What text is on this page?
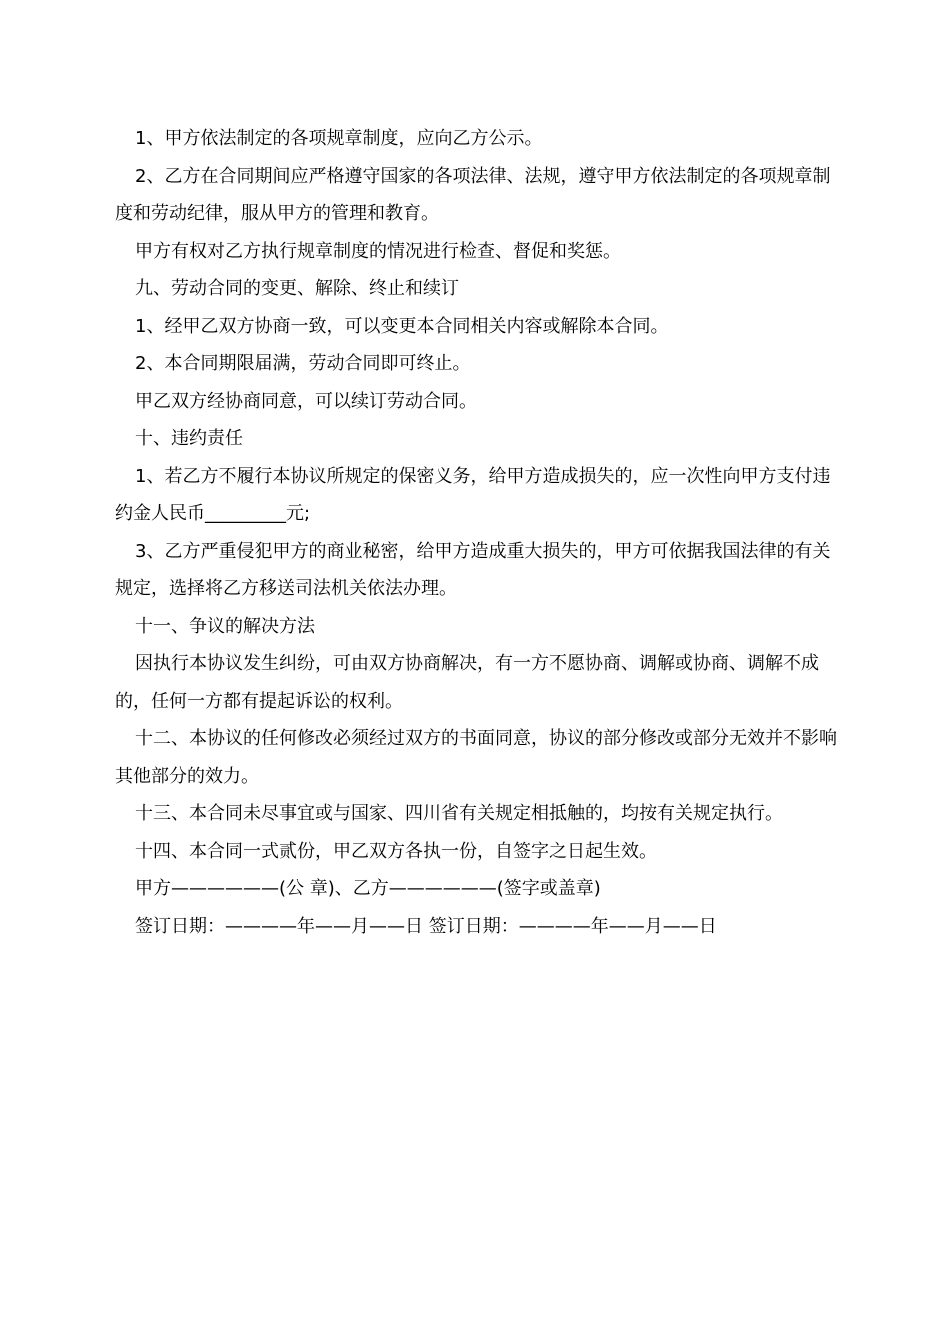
1、甲方依法制定的各项规章制度，应向乙方公示。

2、乙方在合同期间应严格遵守国家的各项法律、法规，遵守甲方依法制定的各项规章制度和劳动纪律，服从甲方的管理和教育。

甲方有权对乙方执行规章制度的情况进行检查、督促和奖惩。

九、劳动合同的变更、解除、终止和续订

1、经甲乙双方协商一致，可以变更本合同相关内容或解除本合同。

2、本合同期限届满，劳动合同即可终止。

甲乙双方经协商同意，可以续订劳动合同。

十、违约责任

1、若乙方不履行本协议所规定的保密义务，给甲方造成损失的，应一次性向甲方支付违约金人民币_________元;

3、乙方严重侵犯甲方的商业秘密，给甲方造成重大损失的，甲方可依据我国法律的有关规定，选择将乙方移送司法机关依法办理。

十一、争议的解决方法

因执行本协议发生纠纷，可由双方协商解决，有一方不愿协商、调解或协商、调解不成的，任何一方都有提起诉讼的权利。

十二、本协议的任何修改必须经过双方的书面同意，协议的部分修改或部分无效并不影响其他部分的效力。

十三、本合同未尽事宜或与国家、四川省有关规定相抵触的，均按有关规定执行。

十四、本合同一式贰份，甲乙双方各执一份，自签字之日起生效。

甲方——————(公 章)、乙方——————(签字或盖章)

签订日期：————年——月——日 签订日期：————年——月——日
